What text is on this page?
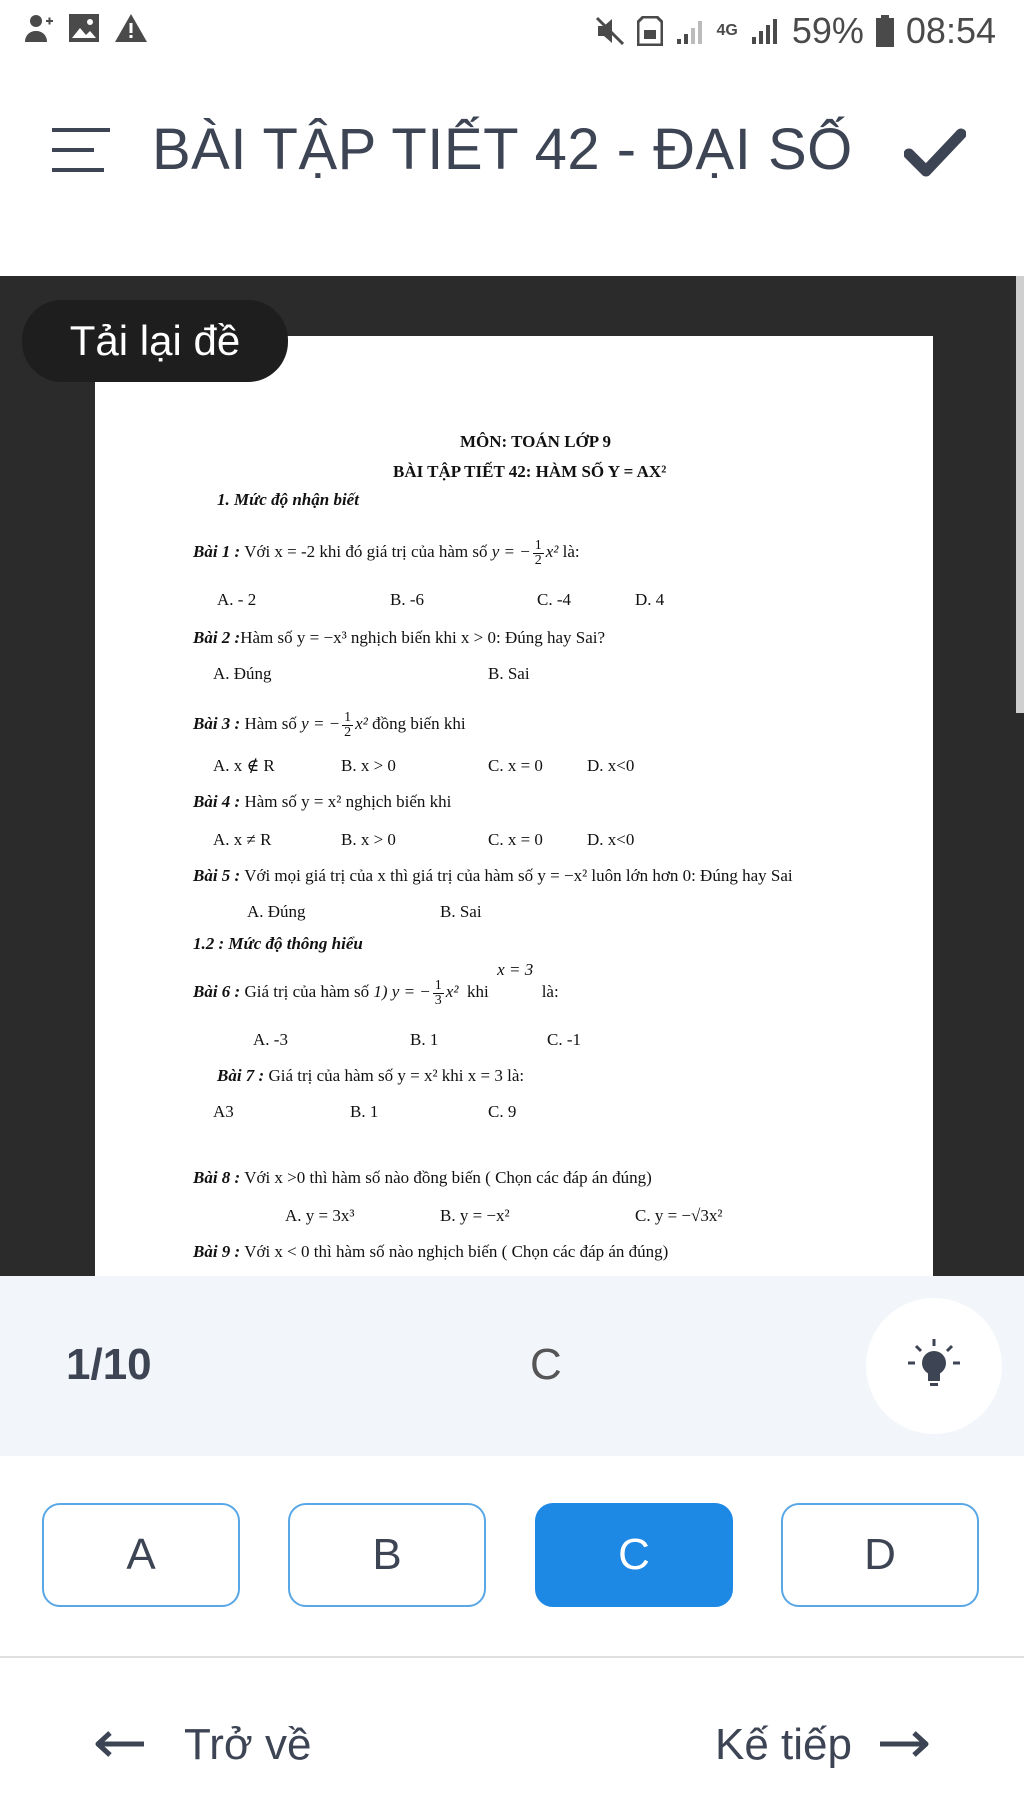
4G 59% 08:54
BÀI TẬP TIẾT 42 - ĐẠI SỐ
MÔN: TOÁN LỚP 9
BÀI TẬP TIẾT 42: HÀM SỐ Y = AX²
1. Mức độ nhận biết
Bài 1 : Với x = -2 khi đó giá trị của hàm số y = − $\frac{1}{2} x^2$ là:
A. - 2	B. -6	C. -4	D. 4
Bài 2 :Hàm số y = −x³ nghịch biến khi x > 0: Đúng hay Sai?
A. Đúng	B. Sai
Bài 3 : Hàm số y = − $\frac{1}{2} x^2$ đồng biến khi
A. x ∉ R	B. x > 0	C. x = 0	D. x<0
Bài 4 : Hàm số y = x² nghịch biến khi
A. x ≠ R	B. x > 0	C. x = 0	D. x<0
Bài 5 : Với mọi giá trị của x thì giá trị của hàm số y = −x² luôn lớn hơn 0: Đúng hay Sai
A. Đúng	B. Sai
1.2 : Mức độ thông hiểu
Bài 6 : Giá trị của hàm số 1) y = − $\frac{1}{3} x^2$ khi  x = 3  là:
A. -3	B. 1	C. -1
Bài 7 : Giá trị của hàm số y = x² khi x = 3 là:
A3	B. 1	C. 9
Bài 8 : Với x >0 thì hàm số nào đồng biến ( Chọn các đáp án đúng)
A. y = 3x³	B. y = −x²	C. y = −√3x²
Bài 9 : Với x < 0 thì hàm số nào nghịch biến ( Chọn các đáp án đúng)
Tải lại đề
1/10	C
A	B	C	D
Trở về	Kế tiếp
